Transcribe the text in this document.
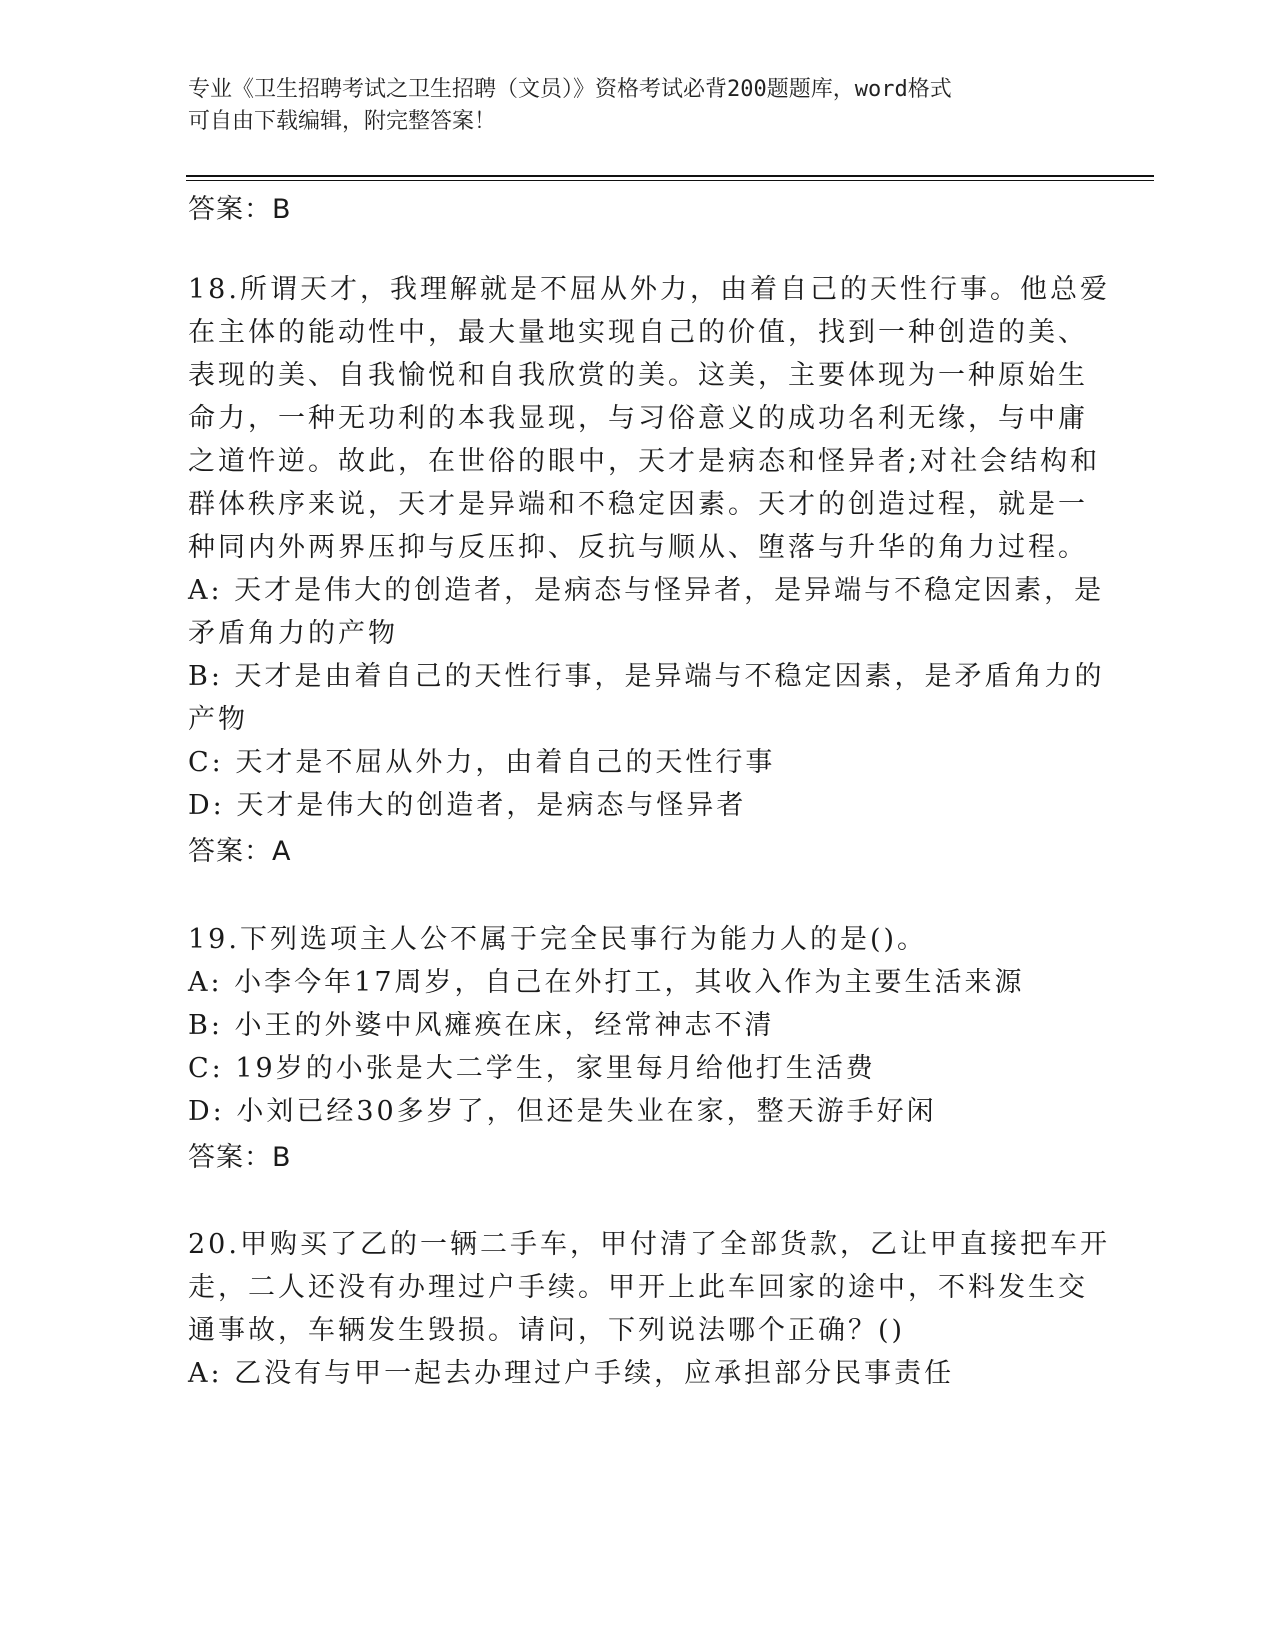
专业《卫生招聘考试之卫生招聘（文员）》资格考试必背200题题库，word格式
可自由下载编辑，附完整答案！
答案：B
18.所谓天才，我理解就是不屈从外力，由着自己的天性行事。他总爱
在主体的能动性中，最大量地实现自己的价值，找到一种创造的美、
表现的美、自我愉悦和自我欣赏的美。这美，主要体现为一种原始生
命力，一种无功利的本我显现，与习俗意义的成功名利无缘，与中庸
之道忤逆。故此，在世俗的眼中，天才是病态和怪异者;对社会结构和
群体秩序来说，天才是异端和不稳定因素。天才的创造过程，就是一
种同内外两界压抑与反压抑、反抗与顺从、堕落与升华的角力过程。
A: 天才是伟大的创造者，是病态与怪异者，是异端与不稳定因素，是
矛盾角力的产物
B: 天才是由着自己的天性行事，是异端与不稳定因素，是矛盾角力的
产物
C: 天才是不屈从外力，由着自己的天性行事
D: 天才是伟大的创造者，是病态与怪异者
答案：A
19.下列选项主人公不属于完全民事行为能力人的是()。
A: 小李今年17周岁，自己在外打工，其收入作为主要生活来源
B: 小王的外婆中风瘫痪在床，经常神志不清
C: 19岁的小张是大二学生，家里每月给他打生活费
D: 小刘已经30多岁了，但还是失业在家，整天游手好闲
答案：B
20.甲购买了乙的一辆二手车，甲付清了全部货款，乙让甲直接把车开
走，二人还没有办理过户手续。甲开上此车回家的途中，不料发生交
通事故，车辆发生毁损。请问，下列说法哪个正确？()
A: 乙没有与甲一起去办理过户手续，应承担部分民事责任
